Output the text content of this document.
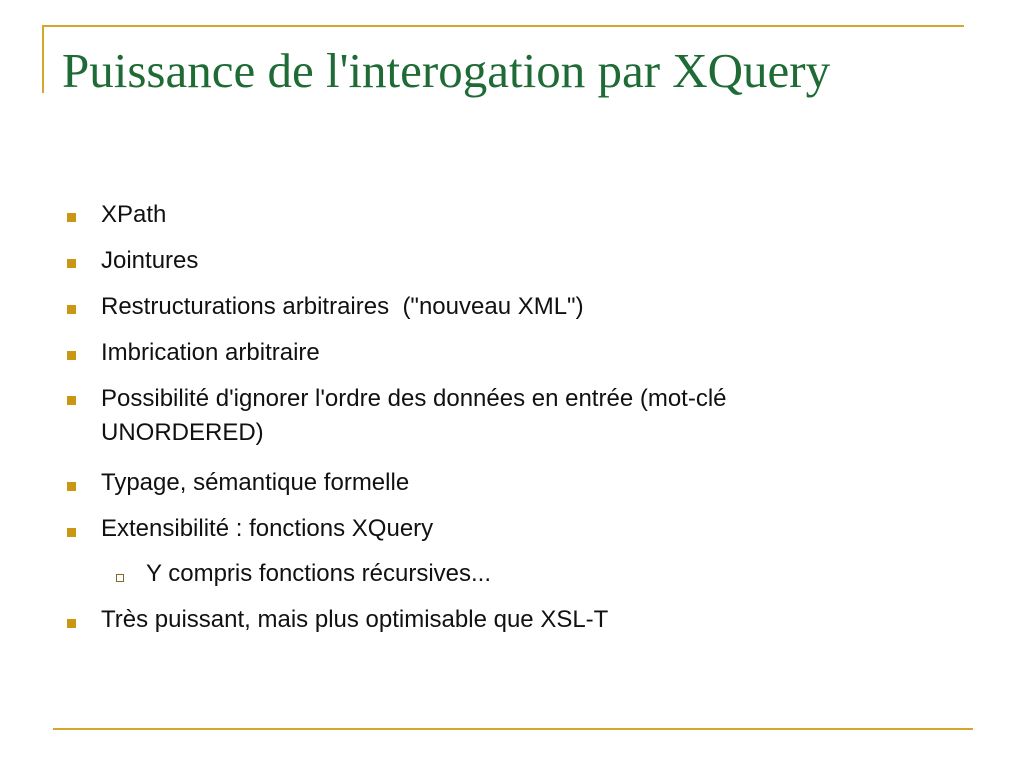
Puissance de l'interogation par XQuery
XPath
Jointures
Restructurations arbitraires  ("nouveau XML")
Imbrication arbitraire
Possibilité d'ignorer l'ordre des données en entrée (mot-clé UNORDERED)
Typage, sémantique formelle
Extensibilité : fonctions XQuery
Y compris fonctions récursives...
Très puissant, mais plus optimisable que XSL-T
